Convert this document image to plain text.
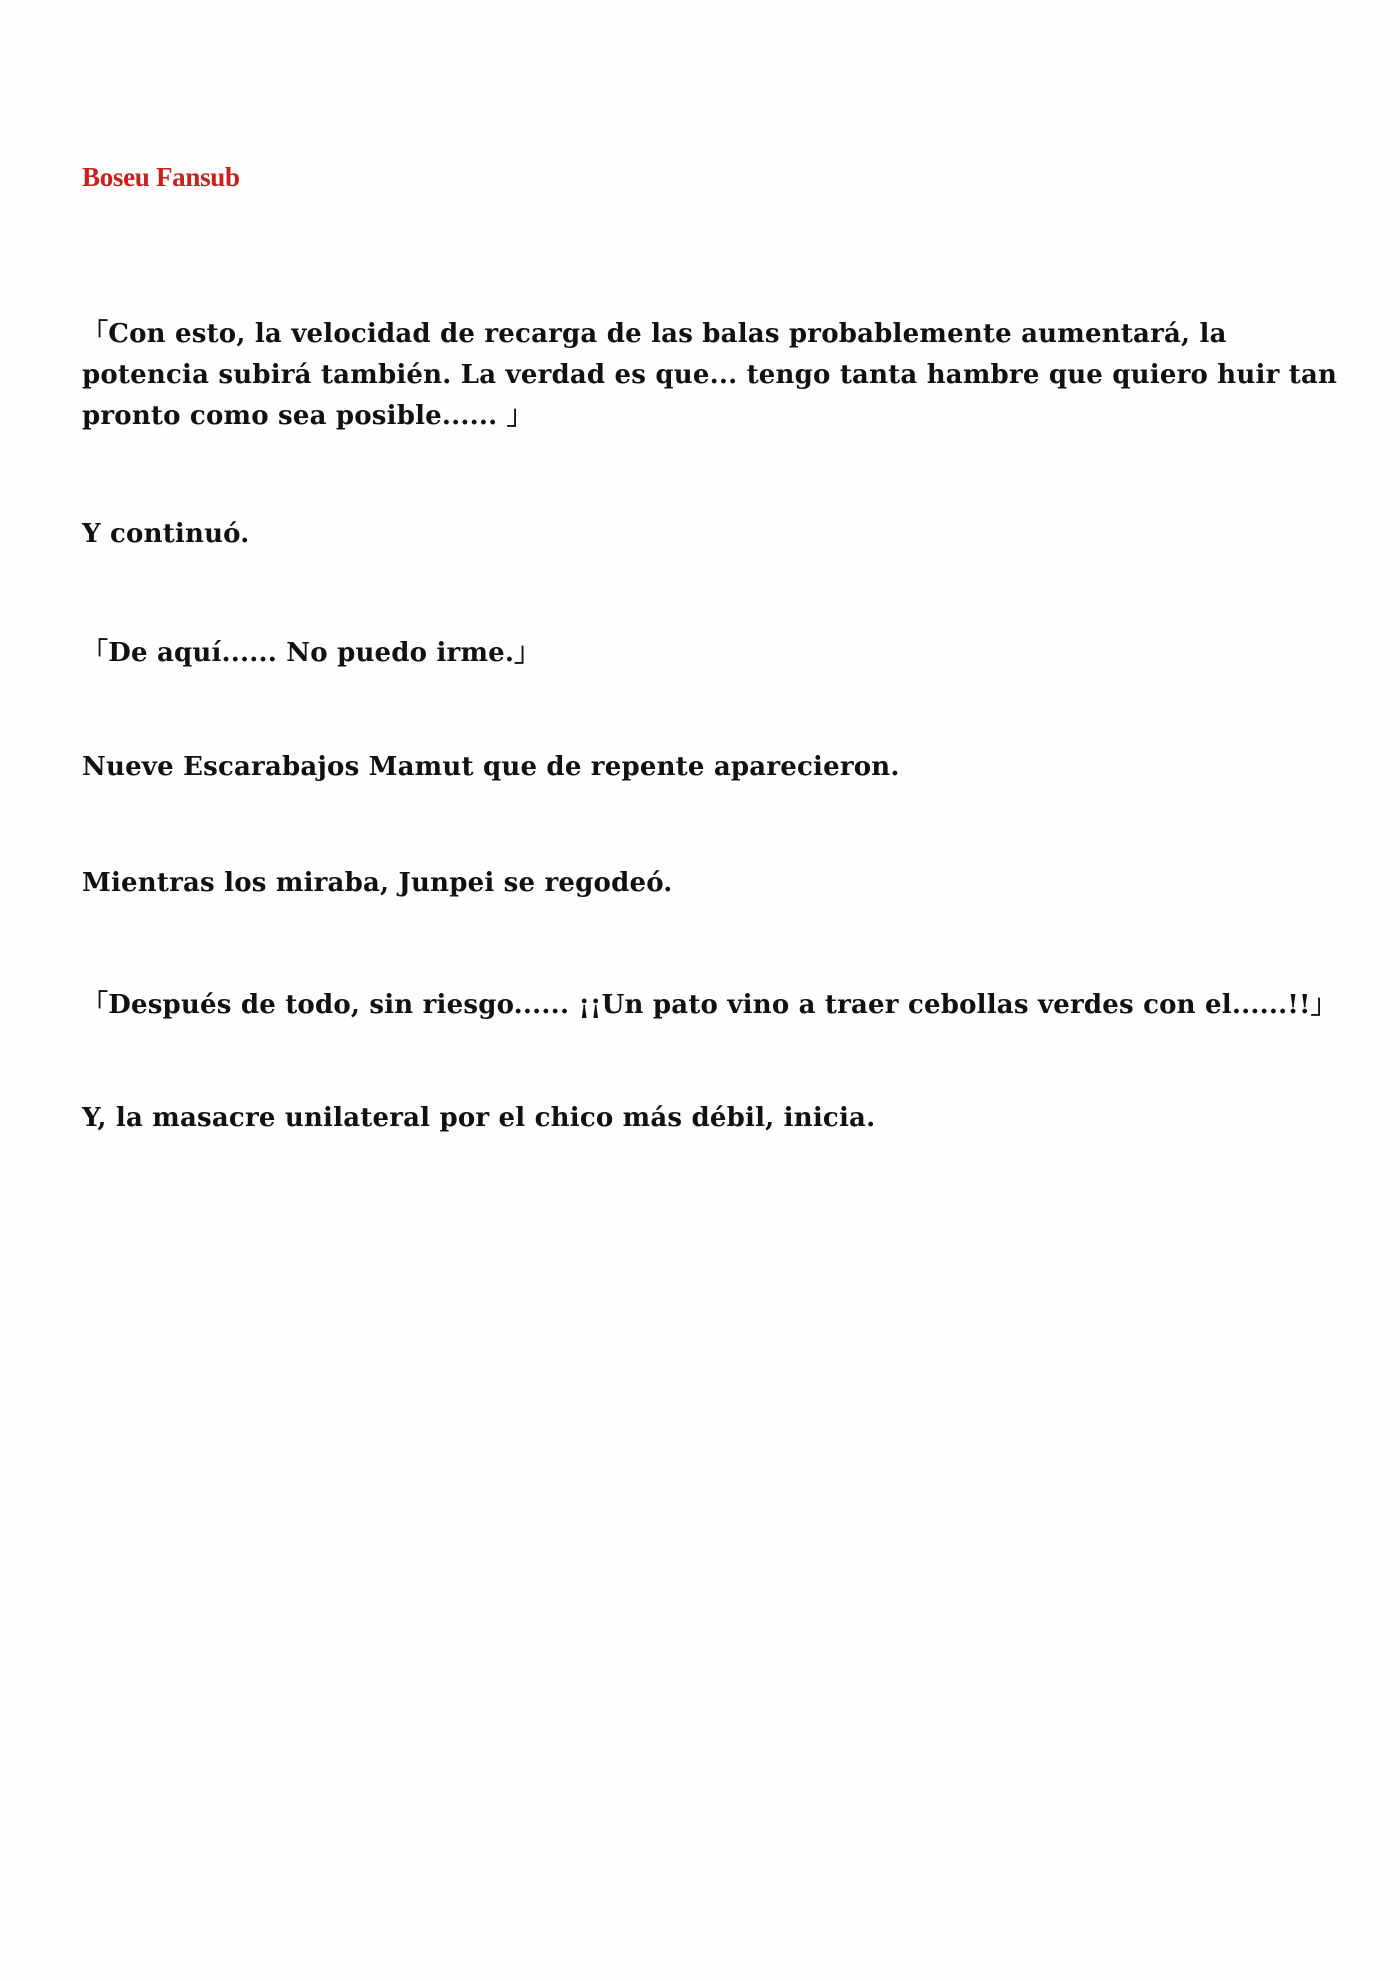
Boseu Fansub

「Con esto, la velocidad de recarga de las balas probablemente aumentará, la potencia subirá también. La verdad es que... tengo tanta hambre que quiero huir tan pronto como sea posible...... 」

Y continuó.

「De aquí...... No puedo irme.」

Nueve Escarabajos Mamut que de repente aparecieron.

Mientras los miraba, Junpei se regodeó.

「Después de todo, sin riesgo...... ¡¡Un pato vino a traer cebollas verdes con el......!!」

Y, la masacre unilateral por el chico más débil, inicia.
